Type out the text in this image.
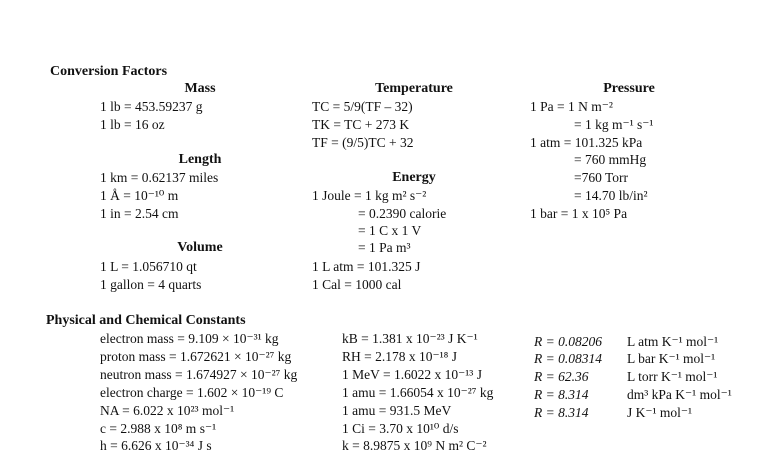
Conversion Factors
Mass
1 lb = 453.59237 g
1 lb = 16 oz
Length
1 km = 0.62137 miles
1 Å = 10⁻¹⁰ m
1 in = 2.54 cm
Volume
1 L = 1.056710 qt
1 gallon = 4 quarts
Temperature
TC = 5/9(TF – 32)
TK = TC + 273 K
TF = (9/5)TC + 32
Energy
1 Joule = 1 kg m² s⁻²
= 0.2390 calorie
= 1 C x 1 V
= 1 Pa m³
1 L atm = 101.325 J
1 Cal = 1000 cal
Pressure
1 Pa = 1 N m⁻²
= 1 kg m⁻¹ s⁻¹
1 atm = 101.325 kPa
= 760 mmHg
=760 Torr
= 14.70 lb/in²
1 bar = 1 x 10⁵ Pa
Physical and Chemical Constants
electron mass = 9.109 × 10⁻³¹ kg
proton mass = 1.672621 × 10⁻²⁷ kg
neutron mass = 1.674927 × 10⁻²⁷ kg
electron charge = 1.602 × 10⁻¹⁹ C
NA = 6.022 x 10²³ mol⁻¹
c = 2.988 x 10⁸ m s⁻¹
h = 6.626 x 10⁻³⁴ J s
kB = 1.381 x 10⁻²³ J K⁻¹
RH = 2.178 x 10⁻¹⁸ J
1 MeV = 1.6022 x 10⁻¹³ J
1 amu = 1.66054 x 10⁻²⁷ kg
1 amu = 931.5 MeV
1 Ci = 3.70 x 10¹⁰ d/s
k = 8.9875 x 10⁹ N m² C⁻²
R = 0.08206 L atm K⁻¹ mol⁻¹
R = 0.08314 L bar K⁻¹ mol⁻¹
R = 62.36	L torr K⁻¹ mol⁻¹
R = 8.314	dm³ kPa K⁻¹ mol⁻¹
R = 8.314	J K⁻¹ mol⁻¹
